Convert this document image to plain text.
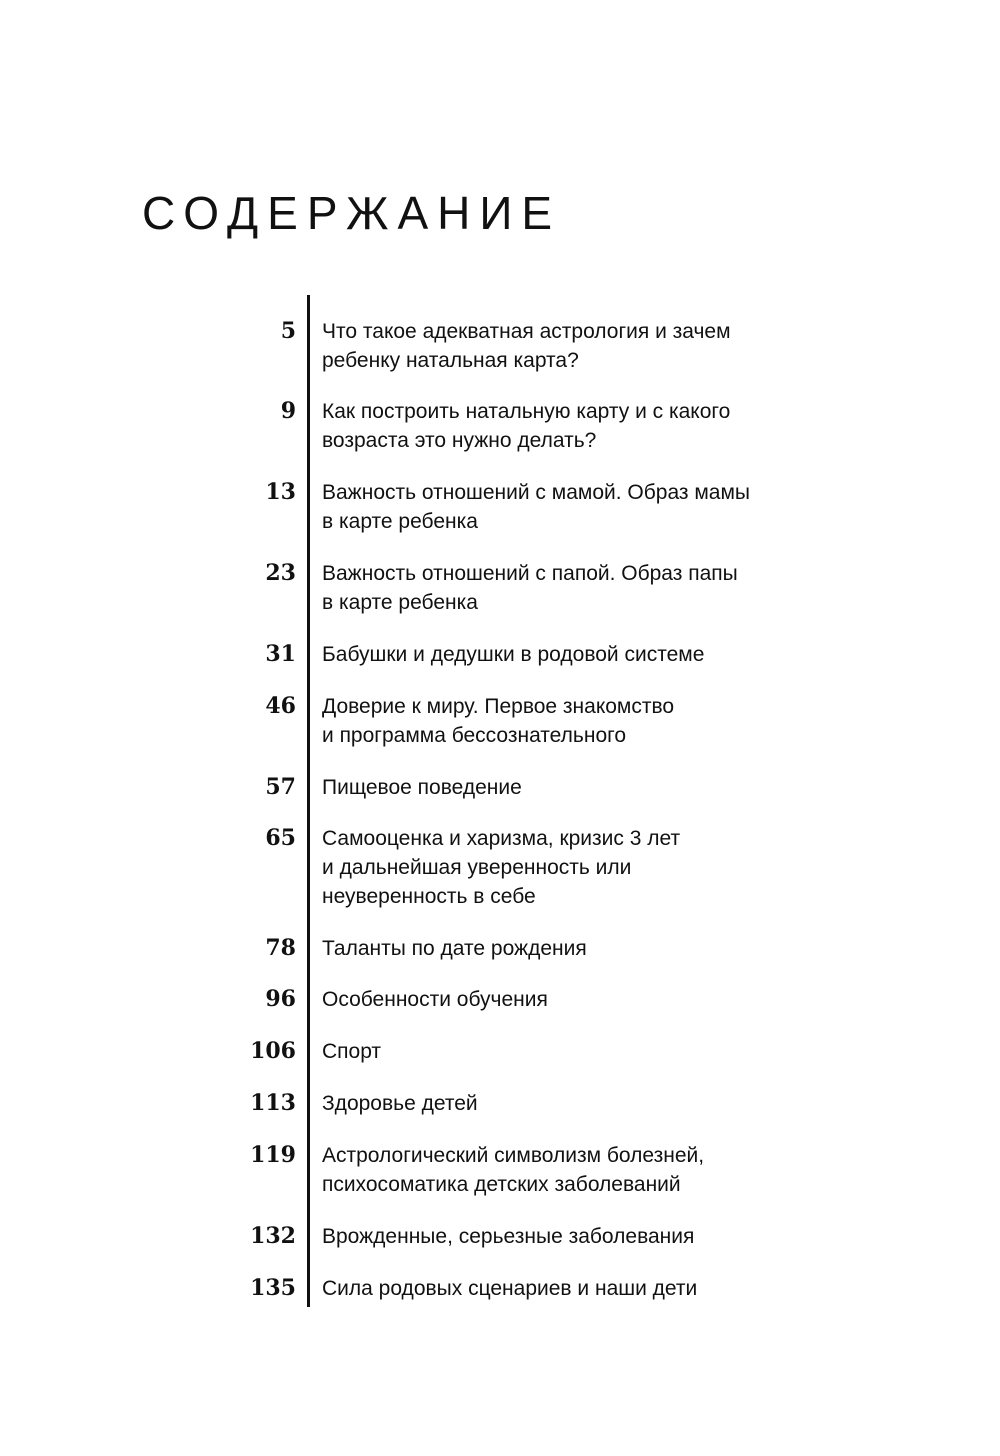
СОДЕРЖАНИЕ
5 Что такое адекватная астрология и зачем
ребенку натальная карта?
9 Как построить натальную карту и с какого
возраста это нужно делать?
13 Важность отношений с мамой. Образ мамы
в карте ребенка
23 Важность отношений с папой. Образ папы
в карте ребенка
31 Бабушки и дедушки в родовой системе
46 Доверие к миру. Первое знакомство
и программа бессознательного
57 Пищевое поведение
65 Самооценка и харизма, кризис 3 лет
и дальнейшая уверенность или
неуверенность в себе
78 Таланты по дате рождения
96 Особенности обучения
106 Спорт
113 Здоровье детей
119 Астрологический символизм болезней,
психосоматика детских заболеваний
132 Врожденные, серьезные заболевания
135 Сила родовых сценариев и наши дети
